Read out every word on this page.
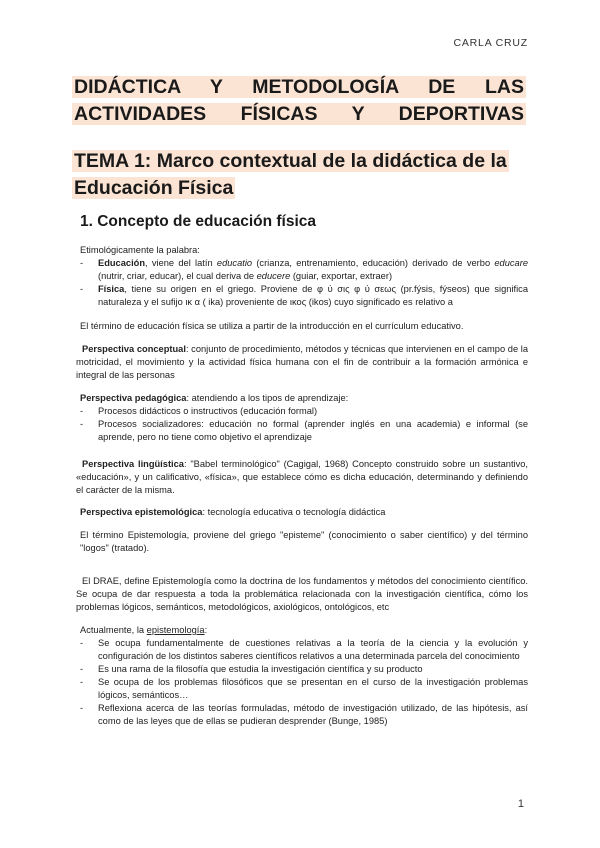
CARLA CRUZ
DIDÁCTICA Y METODOLOGÍA DE LAS ACTIVIDADES FÍSICAS Y DEPORTIVAS
TEMA 1: Marco contextual de la didáctica de la Educación Física
1. Concepto de educación física
Etimológicamente la palabra:
- Educación, viene del latín educatio (crianza, entrenamiento, educación) derivado de verbo educare (nutrir, criar, educar), el cual deriva de educere (guiar, exportar, extraer)
- Física, tiene su origen en el griego. Proviene de φ ύ σις φ ύ σεως (pr.fýsis, fýseos) que significa naturaleza y el sufijo ικ α ( ika) proveniente de ικος (ikos) cuyo significado es relativo a
El término de educación física se utiliza a partir de la introducción en el currículum educativo.
Perspectiva conceptual: conjunto de procedimiento, métodos y técnicas que intervienen en el campo de la motricidad, el movimiento y la actividad física humana con el fin de contribuir a la formación armónica e integral de las personas
Perspectiva pedagógica: atendiendo a los tipos de aprendizaje:
- Procesos didácticos o instructivos (educación formal)
- Procesos socializadores: educación no formal (aprender inglés en una academia) e informal (se aprende, pero no tiene como objetivo el aprendizaje
Perspectiva lingüística: "Babel terminológico" (Cagigal, 1968) Concepto construido sobre un sustantivo, «educación», y un calificativo, «física», que establece cómo es dicha educación, determinando y definiendo el carácter de la misma.
Perspectiva epistemológica: tecnología educativa o tecnología didáctica
El término Epistemología, proviene del griego "episteme" (conocimiento o saber científico) y del término "logos" (tratado).
El DRAE, define Epistemología como la doctrina de los fundamentos y métodos del conocimiento científico. Se ocupa de dar respuesta a toda la problemática relacionada con la investigación científica, cómo los problemas lógicos, semánticos, metodológicos, axiológicos, ontológicos, etc
Actualmente, la epistemología:
- Se ocupa fundamentalmente de cuestiones relativas a la teoría de la ciencia y la evolución y configuración de los distintos saberes científicos relativos a una determinada parcela del conocimiento
- Es una rama de la filosofía que estudia la investigación científica y su producto
- Se ocupa de los problemas filosóficos que se presentan en el curso de la investigación problemas lógicos, semánticos…
- Reflexiona acerca de las teorías formuladas, método de investigación utilizado, de las hipótesis, así como de las leyes que de ellas se pudieran desprender (Bunge, 1985)
1
